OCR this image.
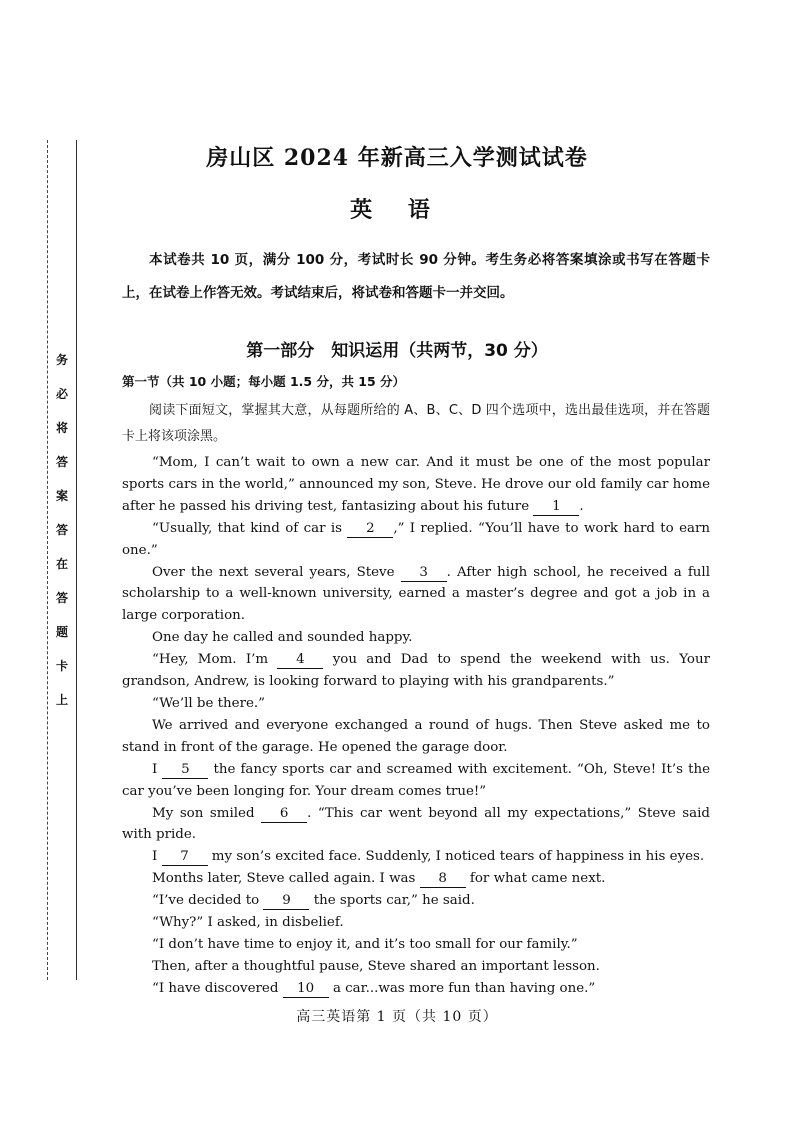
务
必
将
答
案
答
在
答
题
卡
上
房山区 2024 年新高三入学测试试卷
英 语
本试卷共 10 页，满分 100 分，考试时长 90 分钟。考生务必将答案填涂或书写在答题卡上，在试卷上作答无效。考试结束后，将试卷和答题卡一并交回。
第一部分　知识运用（共两节，30 分）
第一节（共 10 小题；每小题 1.5 分，共 15 分）
阅读下面短文，掌握其大意，从每题所给的 A、B、C、D 四个选项中，选出最佳选项，并在答题卡上将该项涂黑。

“Mom, I can’t wait to own a new car. And it must be one of the most popular sports cars in the world,” announced my son, Steve. He drove our old family car home after he passed his driving test, fantasizing about his future 1 .

“Usually, that kind of car is 2 ,” I replied. “You’ll have to work hard to earn one.”

Over the next several years, Steve 3 . After high school, he received a full scholarship to a well-known university, earned a master’s degree and got a job in a large corporation.

One day he called and sounded happy.

“Hey, Mom. I’m 4 you and Dad to spend the weekend with us. Your grandson, Andrew, is looking forward to playing with his grandparents.”

“We’ll be there.”

We arrived and everyone exchanged a round of hugs. Then Steve asked me to stand in front of the garage. He opened the garage door.

I 5 the fancy sports car and screamed with excitement. “Oh, Steve! It’s the car you’ve been longing for. Your dream comes true!”

My son smiled 6 . “This car went beyond all my expectations,” Steve said with pride.

I 7 my son’s excited face. Suddenly, I noticed tears of happiness in his eyes.

Months later, Steve called again. I was 8 for what came next.

“I’ve decided to 9 the sports car,” he said.

“Why?” I asked, in disbelief.

“I don’t have time to enjoy it, and it’s too small for our family.”

Then, after a thoughtful pause, Steve shared an important lesson.

“I have discovered 10 a car...was more fun than having one.”

高三英语第 1 页（共 10 页）
